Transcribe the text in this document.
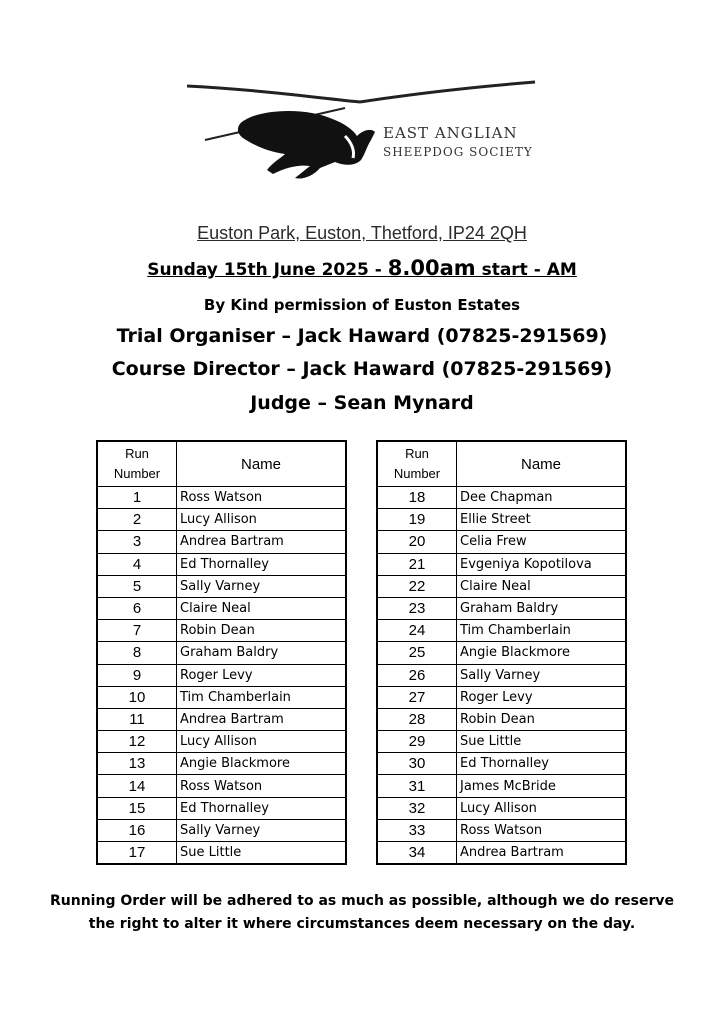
EAST ANGLIAN
SHEEPDOG SOCIETY
Euston Park, Euston, Thetford, IP24 2QH
Sunday 15th June 2025 - 8.00am start - AM
By Kind permission of Euston Estates
Trial Organiser – Jack Haward (07825-291569)
Course Director – Jack Haward (07825-291569)
Judge – Sean Mynard
Run
Number	Name
1	Ross Watson
2	Lucy Allison
3	Andrea Bartram
4	Ed Thornalley
5	Sally Varney
6	Claire Neal
7	Robin Dean
8	Graham Baldry
9	Roger Levy
10	Tim Chamberlain
11	Andrea Bartram
12	Lucy Allison
13	Angie Blackmore
14	Ross Watson
15	Ed Thornalley
16	Sally Varney
17	Sue Little
Run
Number	Name
18	Dee Chapman
19	Ellie Street
20	Celia Frew
21	Evgeniya Kopotilova
22	Claire Neal
23	Graham Baldry
24	Tim Chamberlain
25	Angie Blackmore
26	Sally Varney
27	Roger Levy
28	Robin Dean
29	Sue Little
30	Ed Thornalley
31	James McBride
32	Lucy Allison
33	Ross Watson
34	Andrea Bartram
Running Order will be adhered to as much as possible, although we do reserve
the right to alter it where circumstances deem necessary on the day.
